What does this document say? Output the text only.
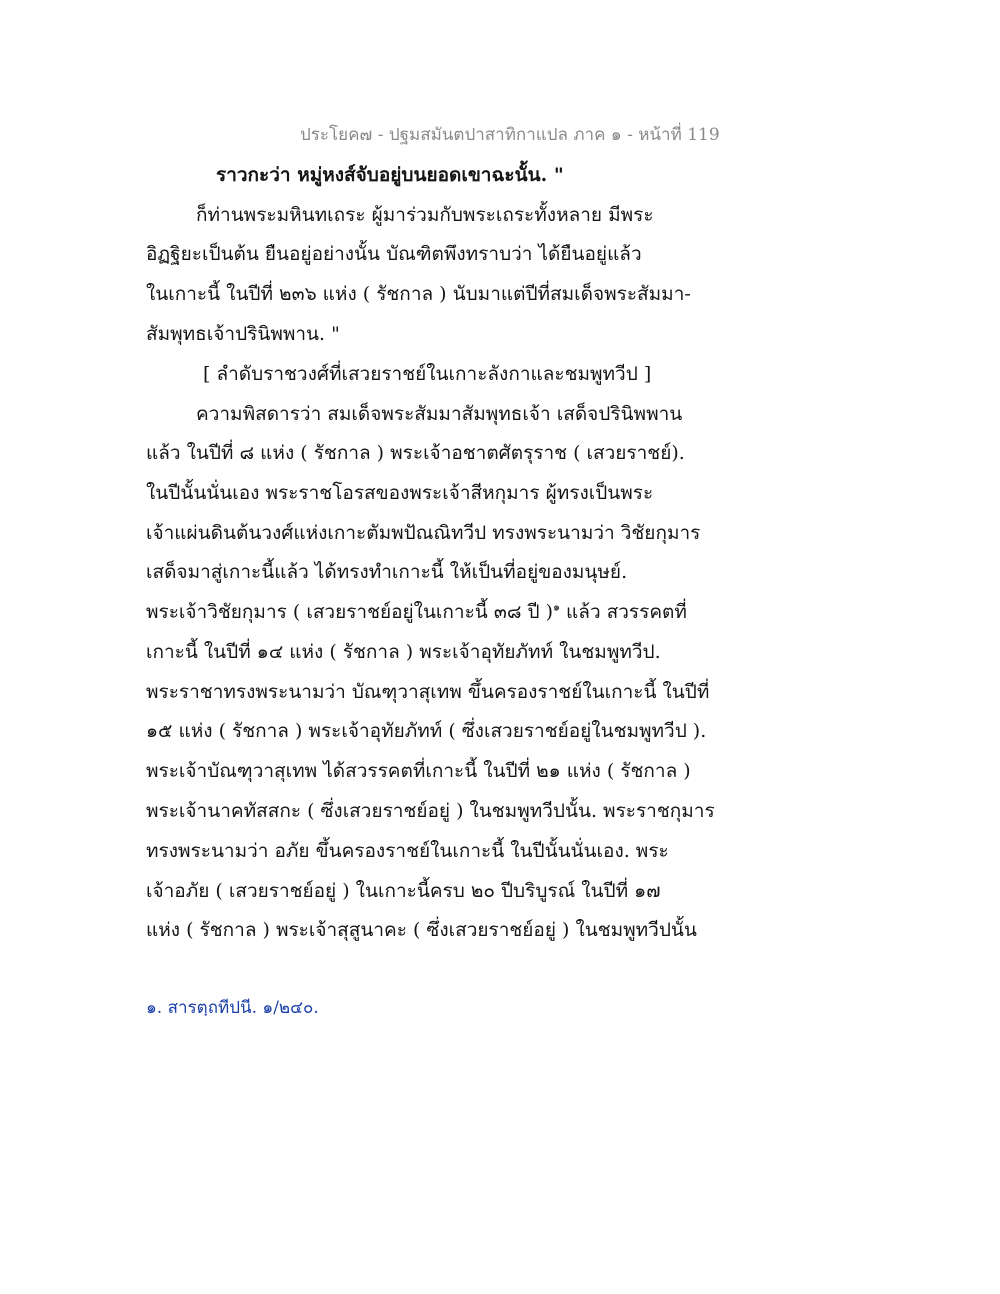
ประโยค๗ - ปฐมสมันตปาสาทิกาแปล ภาค ๑ - หน้าที่ 119
ราวกะว่า หมู่หงส์จับอยู่บนยอดเขาฉะนั้น. "
ก็ท่านพระมหินทเถระ ผู้มาร่วมกับพระเถระทั้งหลาย มีพระ
อิฏฐิยะเป็นต้น ยืนอยู่อย่างนั้น บัณฑิตพึงทราบว่า ได้ยืนอยู่แล้ว
ในเกาะนี้ ในปีที่ ๒๓๖ แห่ง ( รัชกาล ) นับมาแต่ปีที่สมเด็จพระสัมมา-
สัมพุทธเจ้าปรินิพพาน. "
[ ลำดับราชวงศ์ที่เสวยราชย์ในเกาะลังกาและชมพูทวีป ]
ความพิสดารว่า สมเด็จพระสัมมาสัมพุทธเจ้า เสด็จปรินิพพาน
แล้ว ในปีที่ ๘ แห่ง ( รัชกาล ) พระเจ้าอชาตศัตรุราช ( เสวยราชย์).
ในปีนั้นนั่นเอง พระราชโอรสของพระเจ้าสีหกุมาร ผู้ทรงเป็นพระ
เจ้าแผ่นดินต้นวงศ์แห่งเกาะตัมพปัณณิทวีป ทรงพระนามว่า วิชัยกุมาร
เสด็จมาสู่เกาะนี้แล้ว ได้ทรงทำเกาะนี้ ให้เป็นที่อยู่ของมนุษย์.
พระเจ้าวิชัยกุมาร ( เสวยราชย์อยู่ในเกาะนี้ ๓๘ ปี )$^๑$ แล้ว สวรรคตที่
เกาะนี้ ในปีที่ ๑๔ แห่ง ( รัชกาล ) พระเจ้าอุทัยภัทท์ ในชมพูทวีป.
พระราชาทรงพระนามว่า บัณฑุวาสุเทพ ขึ้นครองราชย์ในเกาะนี้ ในปีที่
๑๕ แห่ง ( รัชกาล ) พระเจ้าอุทัยภัทท์ ( ซึ่งเสวยราชย์อยู่ในชมพูทวีป ).
พระเจ้าบัณฑุวาสุเทพ ได้สวรรคตที่เกาะนี้ ในปีที่ ๒๑ แห่ง ( รัชกาล )
พระเจ้านาคทัสสกะ ( ซึ่งเสวยราชย์อยู่ ) ในชมพูทวีปนั้น. พระราชกุมาร
ทรงพระนามว่า อภัย ขึ้นครองราชย์ในเกาะนี้ ในปีนั้นนั่นเอง. พระ
เจ้าอภัย ( เสวยราชย์อยู่ ) ในเกาะนี้ครบ ๒๐ ปีบริบูรณ์ ในปีที่ ๑๗
แห่ง ( รัชกาล ) พระเจ้าสุสูนาคะ ( ซึ่งเสวยราชย์อยู่ ) ในชมพูทวีปนั้น
๑. สารตฺถทีปนี. ๑/๒๔๐.
